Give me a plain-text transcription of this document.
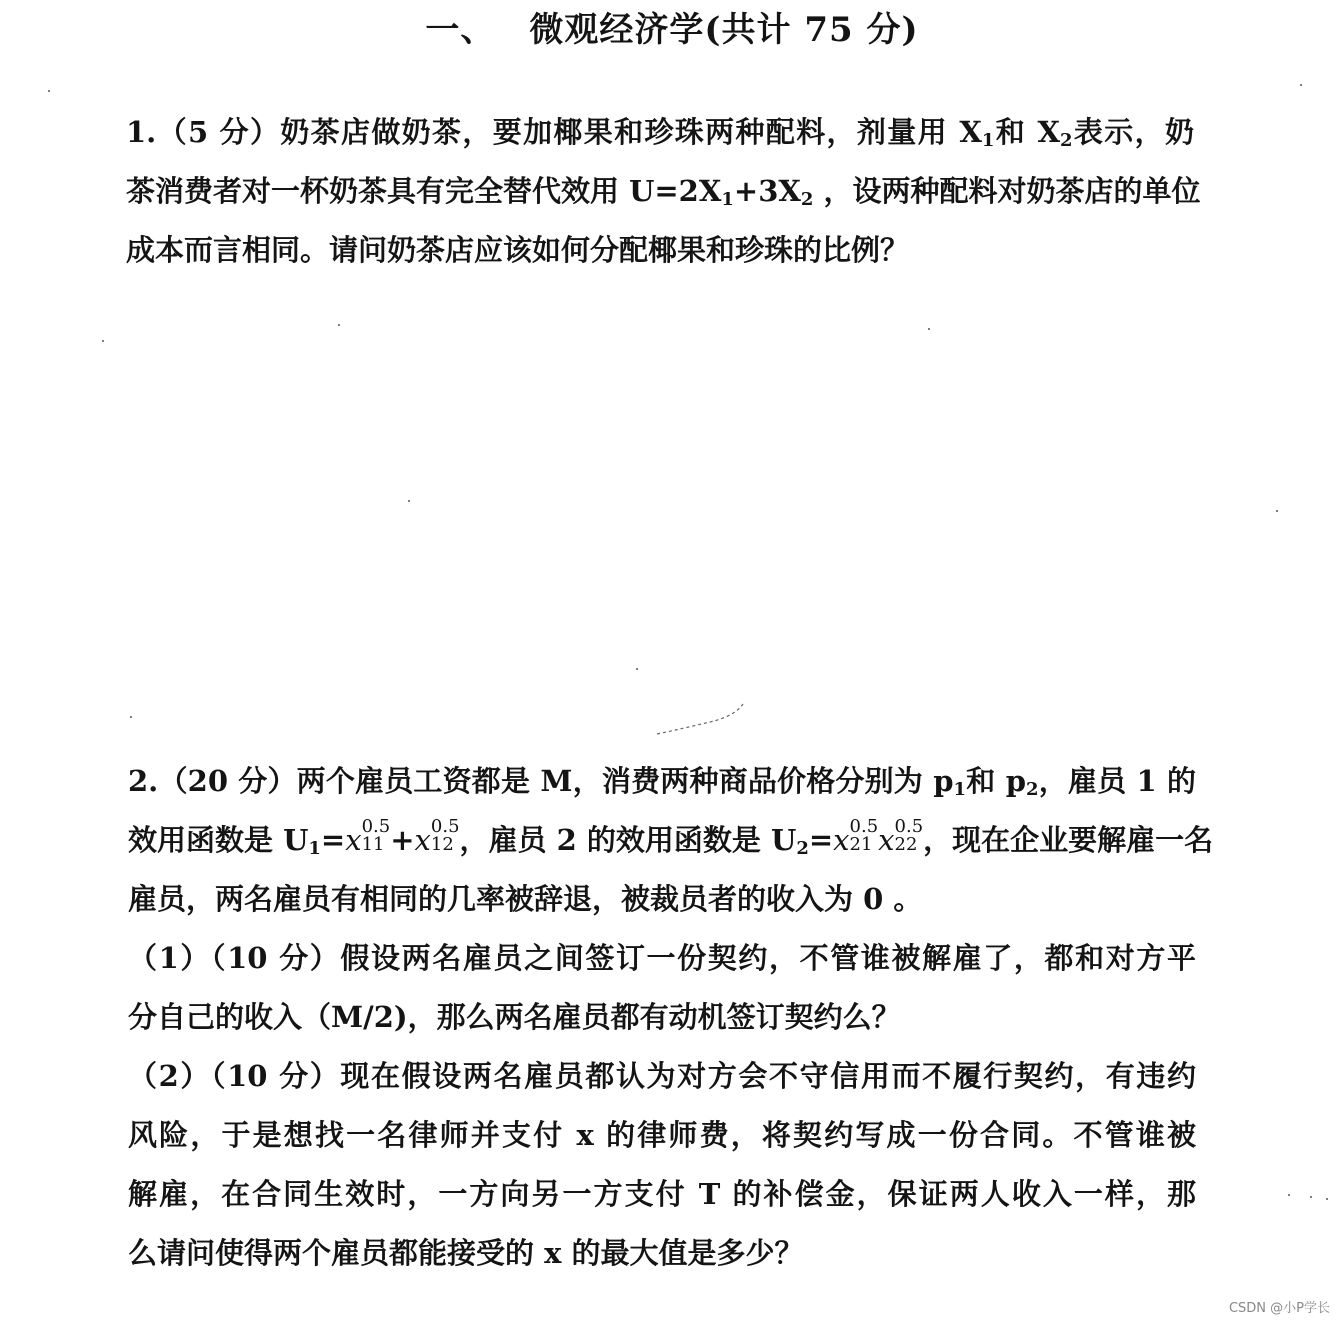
一、 微观经济学(共计 75 分)
1.（5 分）奶茶店做奶茶，要加椰果和珍珠两种配料，剂量用 $X_1$和 $X_2$表示，奶
茶消费者对一杯奶茶具有完全替代效用 $U=2X_1+3X_2$ ，设两种配料对奶茶店的单位
成本而言相同。请问奶茶店应该如何分配椰果和珍珠的比例？
2.（20 分）两个雇员工资都是 M，消费两种商品价格分别为 $p_1$和 $p_2$，雇员 1 的
效用函数是 $U_1=x$ 0.5
11 +x 0.5
12 ，雇员 2 的效用函数是 $U_2=x$ 0.5
21 x 0.5
22 ，现在企业要解雇一名
雇员，两名雇员有相同的几率被辞退，被裁员者的收入为 0 。
（1）（10 分）假设两名雇员之间签订一份契约，不管谁被解雇了，都和对方平
分自己的收入（M/2)，那么两名雇员都有动机签订契约么？
（2）（10 分）现在假设两名雇员都认为对方会不守信用而不履行契约，有违约
风险，于是想找一名律师并支付 x 的律师费，将契约写成一份合同。不管谁被
解雇，在合同生效时，一方向另一方支付 T 的补偿金，保证两人收入一样，那
么请问使得两个雇员都能接受的 x 的最大值是多少？
CSDN @小P学长
